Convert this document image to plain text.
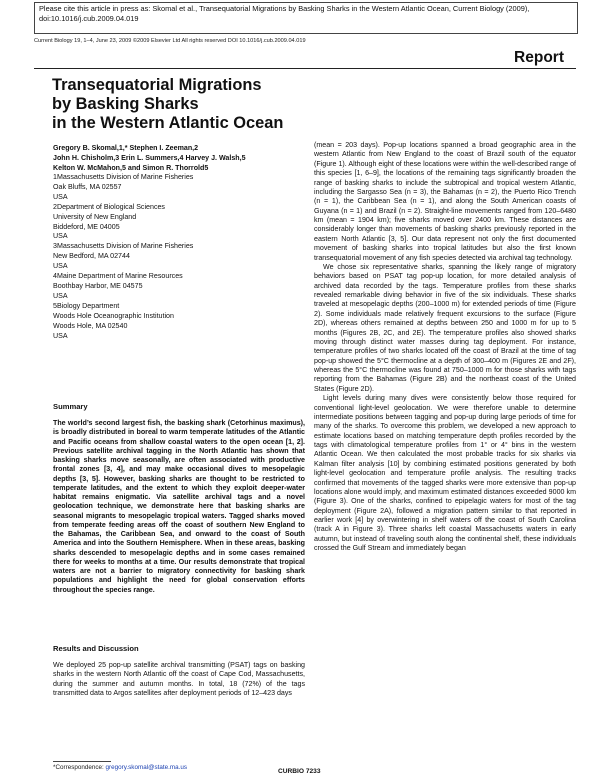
Please cite this article in press as: Skomal et al., Transequatorial Migrations by Basking Sharks in the Western Atlantic Ocean, Current Biology (2009), doi:10.1016/j.cub.2009.04.019
Current Biology 19, 1–4, June 23, 2009 ©2009 Elsevier Ltd All rights reserved DOI 10.1016/j.cub.2009.04.019
Report
Transequatorial Migrations
by Basking Sharks
in the Western Atlantic Ocean
Gregory B. Skomal,1,* Stephen I. Zeeman,2
John H. Chisholm,3 Erin L. Summers,4 Harvey J. Walsh,5
Kelton W. McMahon,5 and Simon R. Thorrold5
1Massachusetts Division of Marine Fisheries
Oak Bluffs, MA 02557
USA
2Department of Biological Sciences
University of New England
Biddeford, ME 04005
USA
3Massachusetts Division of Marine Fisheries
New Bedford, MA 02744
USA
4Maine Department of Marine Resources
Boothbay Harbor, ME 04575
USA
5Biology Department
Woods Hole Oceanographic Institution
Woods Hole, MA 02540
USA
Summary
The world’s second largest fish, the basking shark (Cetorhinus maximus), is broadly distributed in boreal to warm temperate latitudes of the Atlantic and Pacific oceans from shallow coastal waters to the open ocean [1, 2]. Previous satellite archival tagging in the North Atlantic has shown that basking sharks move seasonally, are often associated with productive frontal zones [3, 4], and may make occasional dives to mesopelagic depths [3, 5]. However, basking sharks are thought to be restricted to temperate latitudes, and the extent to which they exploit deeper-water habitat remains enigmatic. Via satellite archival tags and a novel geolocation technique, we demonstrate here that basking sharks are seasonal migrants to mesopelagic tropical waters. Tagged sharks moved from temperate feeding areas off the coast of southern New England to the Bahamas, the Caribbean Sea, and onward to the coast of South America and into the Southern Hemisphere. When in these areas, basking sharks descended to mesopelagic depths and in some cases remained there for weeks to months at a time. Our results demonstrate that tropical waters are not a barrier to migratory connectivity for basking shark populations and highlight the need for global conservation efforts throughout the species range.
Results and Discussion
We deployed 25 pop-up satellite archival transmitting (PSAT) tags on basking sharks in the western North Atlantic off the coast of Cape Cod, Massachusetts, during the summer and autumn months. In total, 18 (72%) of the tags transmitted data to Argos satellites after deployment periods of 12–423 days
*Correspondence: gregory.skomal@state.ma.us

(mean = 203 days). Pop-up locations spanned a broad geographic area in the western Atlantic from New England to the coast of Brazil south of the equator (Figure 1). Although eight of these locations were within the well-described range of this species [1, 6–9], the locations of the remaining tags significantly broaden the range of basking sharks to include the subtropical and tropical western Atlantic, including the Sargasso Sea (n = 3), the Bahamas (n = 2), the Puerto Rico Trench (n = 1), the Caribbean Sea (n = 1), and along the South American coasts of Guyana (n = 1) and Brazil (n = 2). Straight-line movements ranged from 120–6480 km (mean = 1904 km); five sharks moved over 2400 km. These distances are considerably longer than movements of basking sharks previously reported in the eastern North Atlantic [3, 5]. Our data represent not only the first documented movement of basking sharks into tropical latitudes but also the first known transequatorial movement of any fish species detected via archival tag technology.

We chose six representative sharks, spanning the likely range of migratory behaviors based on PSAT tag pop-up location, for more detailed analysis of archived data recorded by the tags. Temperature profiles from these sharks revealed remarkable diving behavior in five of the six individuals. These sharks traveled at mesopelagic depths (200–1000 m) for extended periods of time (Figure 2). Some individuals made relatively frequent excursions to the surface (Figure 2D), whereas others remained at depths between 250 and 1000 m for up to 5 months (Figures 2B, 2C, and 2E). The temperature profiles also showed sharks moving through distinct water masses during tag deployment. For instance, temperature profiles of two sharks located off the coast of Brazil at the time of tag pop-up showed the 5°C thermocline at a depth of 300–400 m (Figures 2E and 2F), whereas the 5°C thermocline was found at 750–1000 m for those sharks with tags reporting from the Bahamas (Figure 2B) and the northeast coast of the United States (Figure 2D).

Light levels during many dives were consistently below those required for conventional light-level geolocation. We were therefore unable to determine intermediate positions between tagging and pop-up during large periods of time for many of the sharks. To overcome this problem, we developed a new approach to estimate locations based on matching temperature depth profiles recorded by the tags with climatological temperature profiles from 1° or 4° bins in the western Atlantic Ocean. We then calculated the most probable tracks for six sharks via Kalman filter analysis [10] by combining estimated positions generated by both light-level geolocation and temperature profile analysis. The resulting tracks confirmed that movements of the tagged sharks were more extensive than pop-up locations alone would imply, and maximum estimated distances exceeded 9000 km (Figure 3). One of the sharks, confined to epipelagic waters for most of the tag deployment (Figure 2A), followed a migration pattern similar to that reported in earlier work [4] by overwintering in shelf waters off the coast of South Carolina (track A in Figure 3). Three sharks left coastal Massachusetts waters in early autumn, but instead of traveling south along the continental shelf, these individuals crossed the Gulf Stream and immediately began

CURBIO 7233
